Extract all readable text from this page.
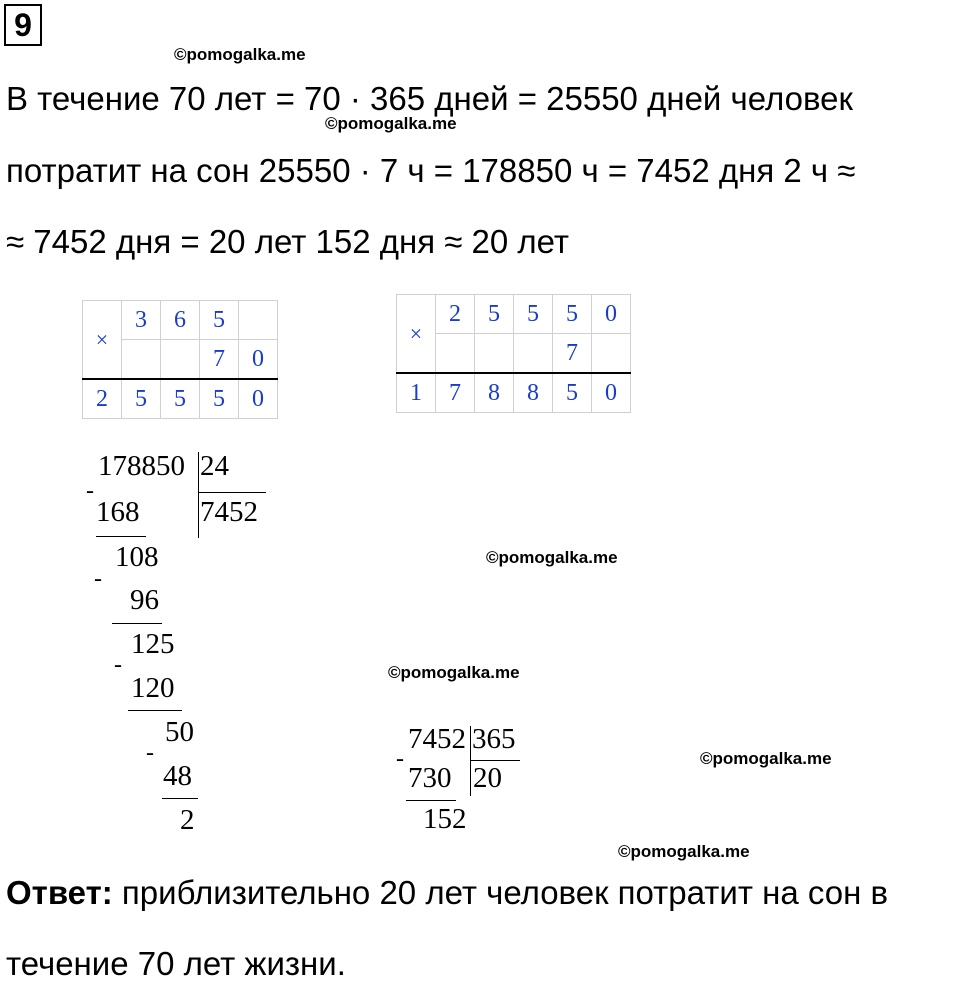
9
©pomogalka.me
©pomogalka.me
©pomogalka.me
©pomogalka.me
©pomogalka.me
©pomogalka.me
В течение 70 лет = 70 · 365 дней = 25550 дней человек
потратит на сон 25550 · 7 ч = 178850 ч = 7452 дня 2 ч ≈
≈ 7452 дня = 20 лет 152 дня ≈ 20 лет
×	3	6	5	
			7	0
2	5	5	5	0
×	2	5	5	5	0
				7	
1	7	8	8	5	0
178850 24
7452
-
168
108
-
96
125
-
120
50
-
48
2
7452 365
20
-
730
152
Ответ: приблизительно 20 лет человек потратит на сон в
течение 70 лет жизни.
